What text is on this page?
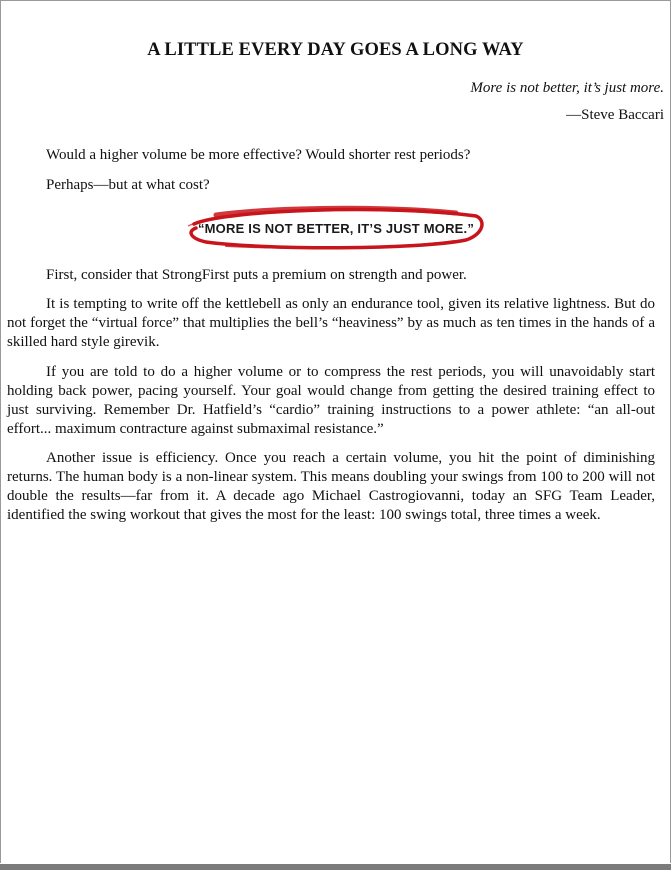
A LITTLE EVERY DAY GOES A LONG WAY
More is not better, it’s just more.
—Steve Baccari

Would a higher volume be more effective? Would shorter rest periods?

Perhaps—but at what cost?

“MORE IS NOT BETTER, IT’S JUST MORE.”

First, consider that StrongFirst puts a premium on strength and power.

It is tempting to write off the kettlebell as only an endurance tool, given its relative lightness. But do not forget the “virtual force” that multiplies the bell’s “heaviness” by as much as ten times in the hands of a skilled hard style girevik.

If you are told to do a higher volume or to compress the rest periods, you will unavoidably start holding back power, pacing yourself. Your goal would change from getting the desired training effect to just surviving. Remember Dr. Hatfield’s “cardio” training instructions to a power athlete: “an all-out effort... maximum contracture against submaximal resistance.”

Another issue is efficiency. Once you reach a certain volume, you hit the point of diminishing returns. The human body is a non-linear system. This means doubling your swings from 100 to 200 will not double the results—far from it. A decade ago Michael Castrogiovanni, today an SFG Team Leader, identified the swing workout that gives the most for the least: 100 swings total, three times a week.
